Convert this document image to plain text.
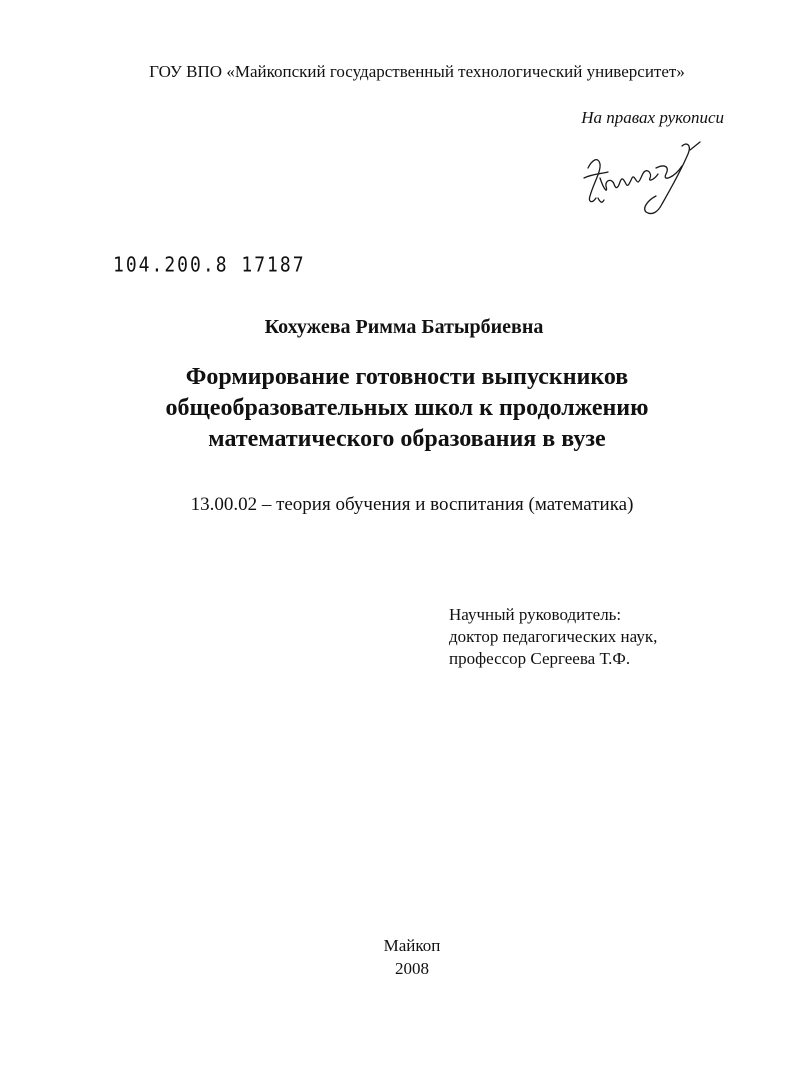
ГОУ ВПО «Майкопский государственный технологический университет»
На правах рукописи
104.200.8 17187
Кохужева Римма Батырбиевна
Формирование готовности выпускников
общеобразовательных школ к продолжению
математического образования в вузе
13.00.02 – теория обучения и воспитания (математика)
Научный руководитель:
доктор педагогических наук,
профессор Сергеева Т.Ф.
Майкоп
2008
